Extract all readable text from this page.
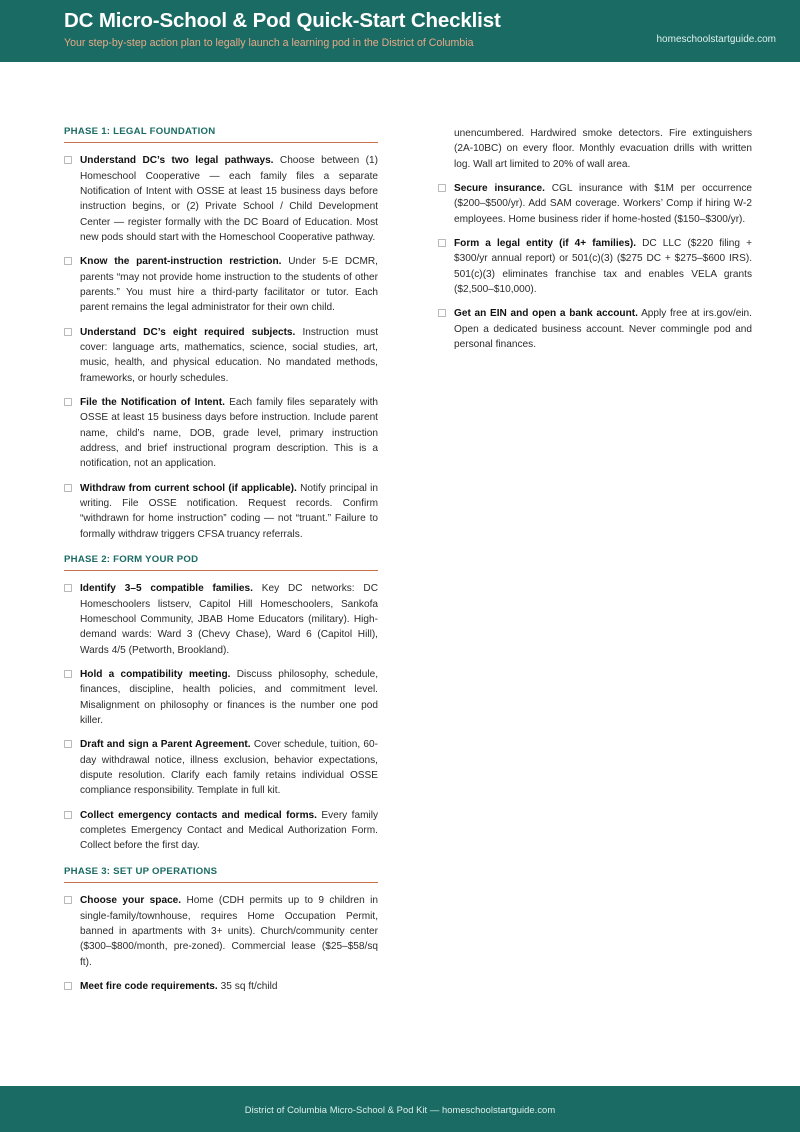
DC Micro-School & Pod Quick-Start Checklist

Your step-by-step action plan to legally launch a learning pod in the District of Columbia	homeschoolstartguide.com
PHASE 1: LEGAL FOUNDATION
Understand DC’s two legal pathways. Choose between (1) Homeschool Cooperative — each family files a separate Notification of Intent with OSSE at least 15 business days before instruction begins, or (2) Private School / Child Development Center — register formally with the DC Board of Education. Most new pods should start with the Homeschool Cooperative pathway.
Know the parent-instruction restriction. Under 5-E DCMR, parents “may not provide home instruction to the students of other parents.” You must hire a third-party facilitator or tutor. Each parent remains the legal administrator for their own child.
Understand DC’s eight required subjects. Instruction must cover: language arts, mathematics, science, social studies, art, music, health, and physical education. No mandated methods, frameworks, or hourly schedules.
File the Notification of Intent. Each family files separately with OSSE at least 15 business days before instruction. Include parent name, child’s name, DOB, grade level, primary instruction address, and brief instructional program description. This is a notification, not an application.
Withdraw from current school (if applicable). Notify principal in writing. File OSSE notification. Request records. Confirm “withdrawn for home instruction” coding — not “truant.” Failure to formally withdraw triggers CFSA truancy referrals.
PHASE 2: FORM YOUR POD
Identify 3–5 compatible families. Key DC networks: DC Homeschoolers listserv, Capitol Hill Homeschoolers, Sankofa Homeschool Community, JBAB Home Educators (military). High-demand wards: Ward 3 (Chevy Chase), Ward 6 (Capitol Hill), Wards 4/5 (Petworth, Brookland).
Hold a compatibility meeting. Discuss philosophy, schedule, finances, discipline, health policies, and commitment level. Misalignment on philosophy or finances is the number one pod killer.
Draft and sign a Parent Agreement. Cover schedule, tuition, 60-day withdrawal notice, illness exclusion, behavior expectations, dispute resolution. Clarify each family retains individual OSSE compliance responsibility. Template in full kit.
Collect emergency contacts and medical forms. Every family completes Emergency Contact and Medical Authorization Form. Collect before the first day.
PHASE 3: SET UP OPERATIONS
Choose your space. Home (CDH permits up to 9 children in single-family/townhouse, requires Home Occupation Permit, banned in apartments with 3+ units). Church/community center ($300–$800/month, pre-zoned). Commercial lease ($25–$58/sq ft).
Meet fire code requirements. 35 sq ft/child

unencumbered. Hardwired smoke detectors. Fire extinguishers (2A-10BC) on every floor. Monthly evacuation drills with written log. Wall art limited to 20% of wall area.

Secure insurance. CGL insurance with $1M per occurrence ($200–$500/yr). Add SAM coverage. Workers’ Comp if hiring W-2 employees. Home business rider if home-hosted ($150–$300/yr).
Form a legal entity (if 4+ families). DC LLC ($220 filing + $300/yr annual report) or 501(c)(3) ($275 DC + $275–$600 IRS). 501(c)(3) eliminates franchise tax and enables VELA grants ($2,500–$10,000).
Get an EIN and open a bank account. Apply free at irs.gov/ein. Open a dedicated business account. Never commingle pod and personal finances.
District of Columbia Micro-School & Pod Kit — homeschoolstartguide.com
